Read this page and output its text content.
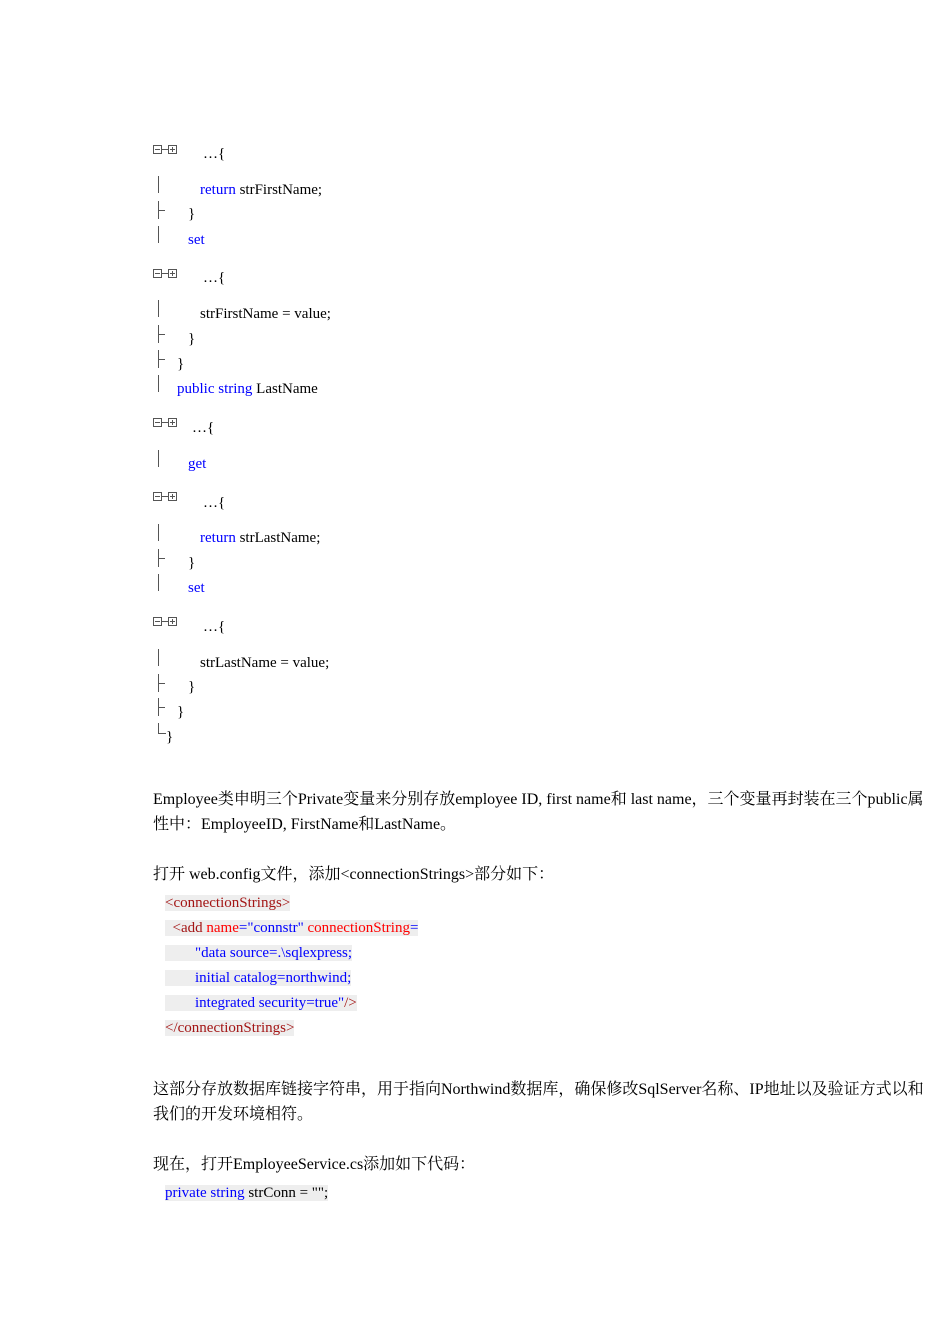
…{
return strFirstName;
}
set
…{
strFirstName = value;
}
}
public string LastName
…{
get
…{
return strLastName;
}
set
…{
strLastName = value;
}
}
}
Employee类申明三个Private变量来分别存放employee ID, first name和 last name，三个变量再封装在三个public属性中：EmployeeID, FirstName和LastName。
打开 web.config文件，添加<connectionStrings>部分如下：
<connectionStrings>
<add name="connstr" connectionString=
"data source=.\sqlexpress;
initial catalog=northwind;
integrated security=true"/>
</connectionStrings>
这部分存放数据库链接字符串，用于指向Northwind数据库，确保修改SqlServer名称、IP地址以及验证方式以和我们的开发环境相符。
现在，打开EmployeeService.cs添加如下代码：
private string strConn = "";
